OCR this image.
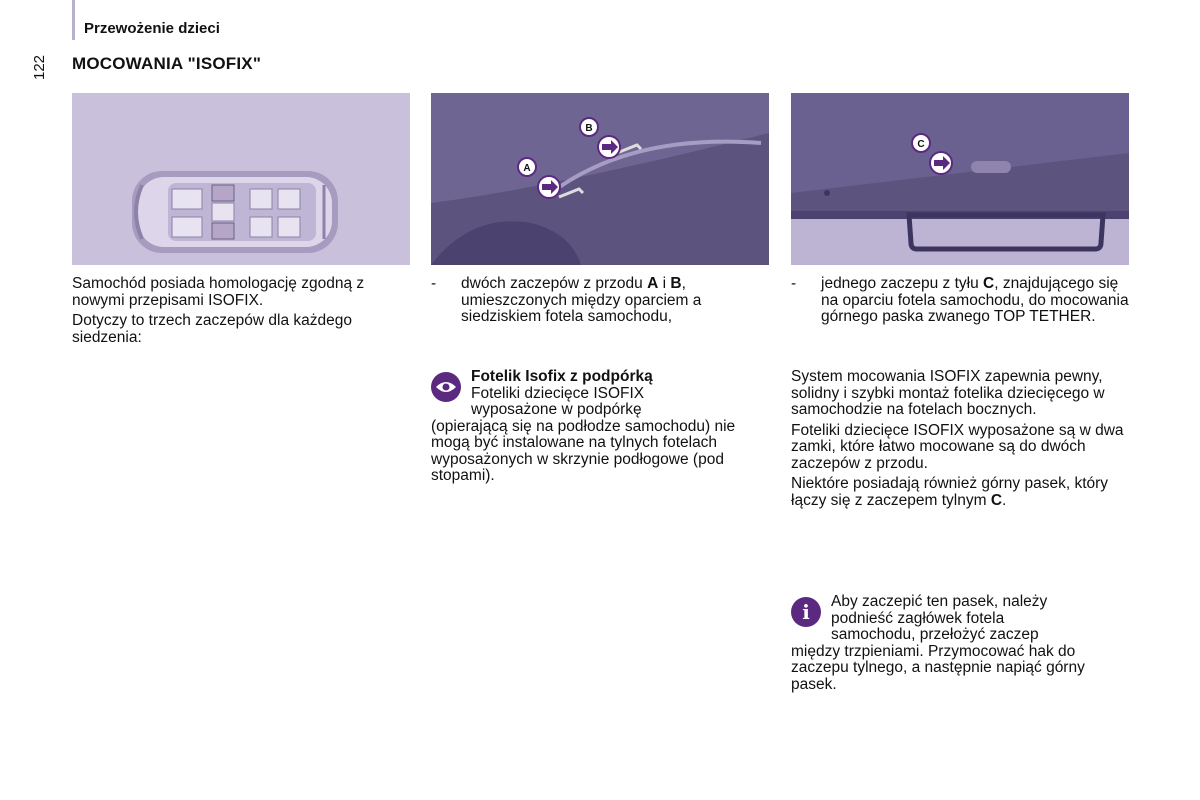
Przewożenie dzieci
122 MOCOWANIA "ISOFIX"
B
A
C

Samochód posiada homologację zgodną z nowymi przepisami ISOFIX.

Dotyczy to trzech zaczepów dla każdego siedzenia:

-	dwóch zaczepów z przodu A i B, umieszczonych między oparciem a siedziskiem fotela samochodu,
Fotelik Isofix z podpórką
Foteliki dziecięce ISOFIX
wyposażone w podpórkę
(opierającą się na podłodze samochodu) nie mogą być instalowane na tylnych fotelach wyposażonych w skrzynie podłogowe (pod stopami).
-	jednego zaczepu z tyłu C, znajdującego się na oparciu fotela samochodu, do mocowania górnego paska zwanego TOP TETHER.

System mocowania ISOFIX zapewnia pewny, solidny i szybki montaż fotelika dziecięcego w samochodzie na fotelach bocznych.

Foteliki dziecięce ISOFIX wyposażone są w dwa zamki, które łatwo mocowane są do dwóch zaczepów z przodu.

Niektóre posiadają również górny pasek, który łączy się z zaczepem tylnym C.

i Aby zaczepić ten pasek, należy
podnieść zagłówek fotela
samochodu, przełożyć zaczep
między trzpieniami. Przymocować hak do zaczepu tylnego, a następnie napiąć górny pasek.
